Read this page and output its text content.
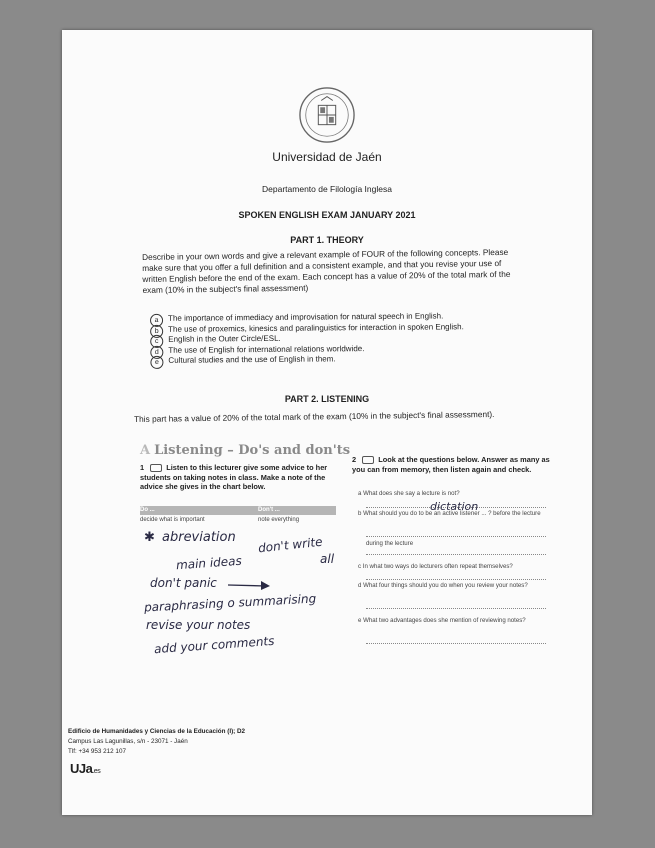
Universidad de Jaén
Departamento de Filología Inglesa
SPOKEN ENGLISH EXAM JANUARY 2021
PART 1. THEORY
Describe in your own words and give a relevant example of FOUR of the following concepts. Please make sure that you offer a full definition and a consistent example, and that you revise your use of written English before the end of the exam. Each concept has a value of 20% of the total mark of the exam (10% in the subject's final assessment)
a	The importance of immediacy and improvisation for natural speech in English.
b	The use of proxemics, kinesics and paralinguistics for interaction in spoken English.
c	English in the Outer Circle/ESL.
d	The use of English for international relations worldwide.
e	Cultural studies and the use of English in them.
PART 2. LISTENING
This part has a value of 20% of the total mark of the exam (10% in the subject's final assessment).
A Listening – Do's and don'ts
1	Listen to this lecturer give some advice to her students on taking notes in class. Make a note of the advice she gives in the chart below.
Do ...	Don't ...
decide what is important	note everything
✱ abreviation don't write
all
main ideas
don't panic
paraphrasing o summarising
revise your notes
add your comments
2	Look at the questions below. Answer as many as you can from memory, then listen again and check.
a What does she say a lecture is not?
b What should you do to be an active listener ... ? before the lecture
during the lecture
c In what two ways do lecturers often repeat themselves?
d What four things should you do when you review your notes?
e What two advantages does she mention of reviewing notes?
dictation
Edificio de Humanidades y Ciencias de la Educación (I); D2
Campus Las Lagunillas, s/n - 23071 - Jaén
Tlf: +34 953 212 107
UJa.es
